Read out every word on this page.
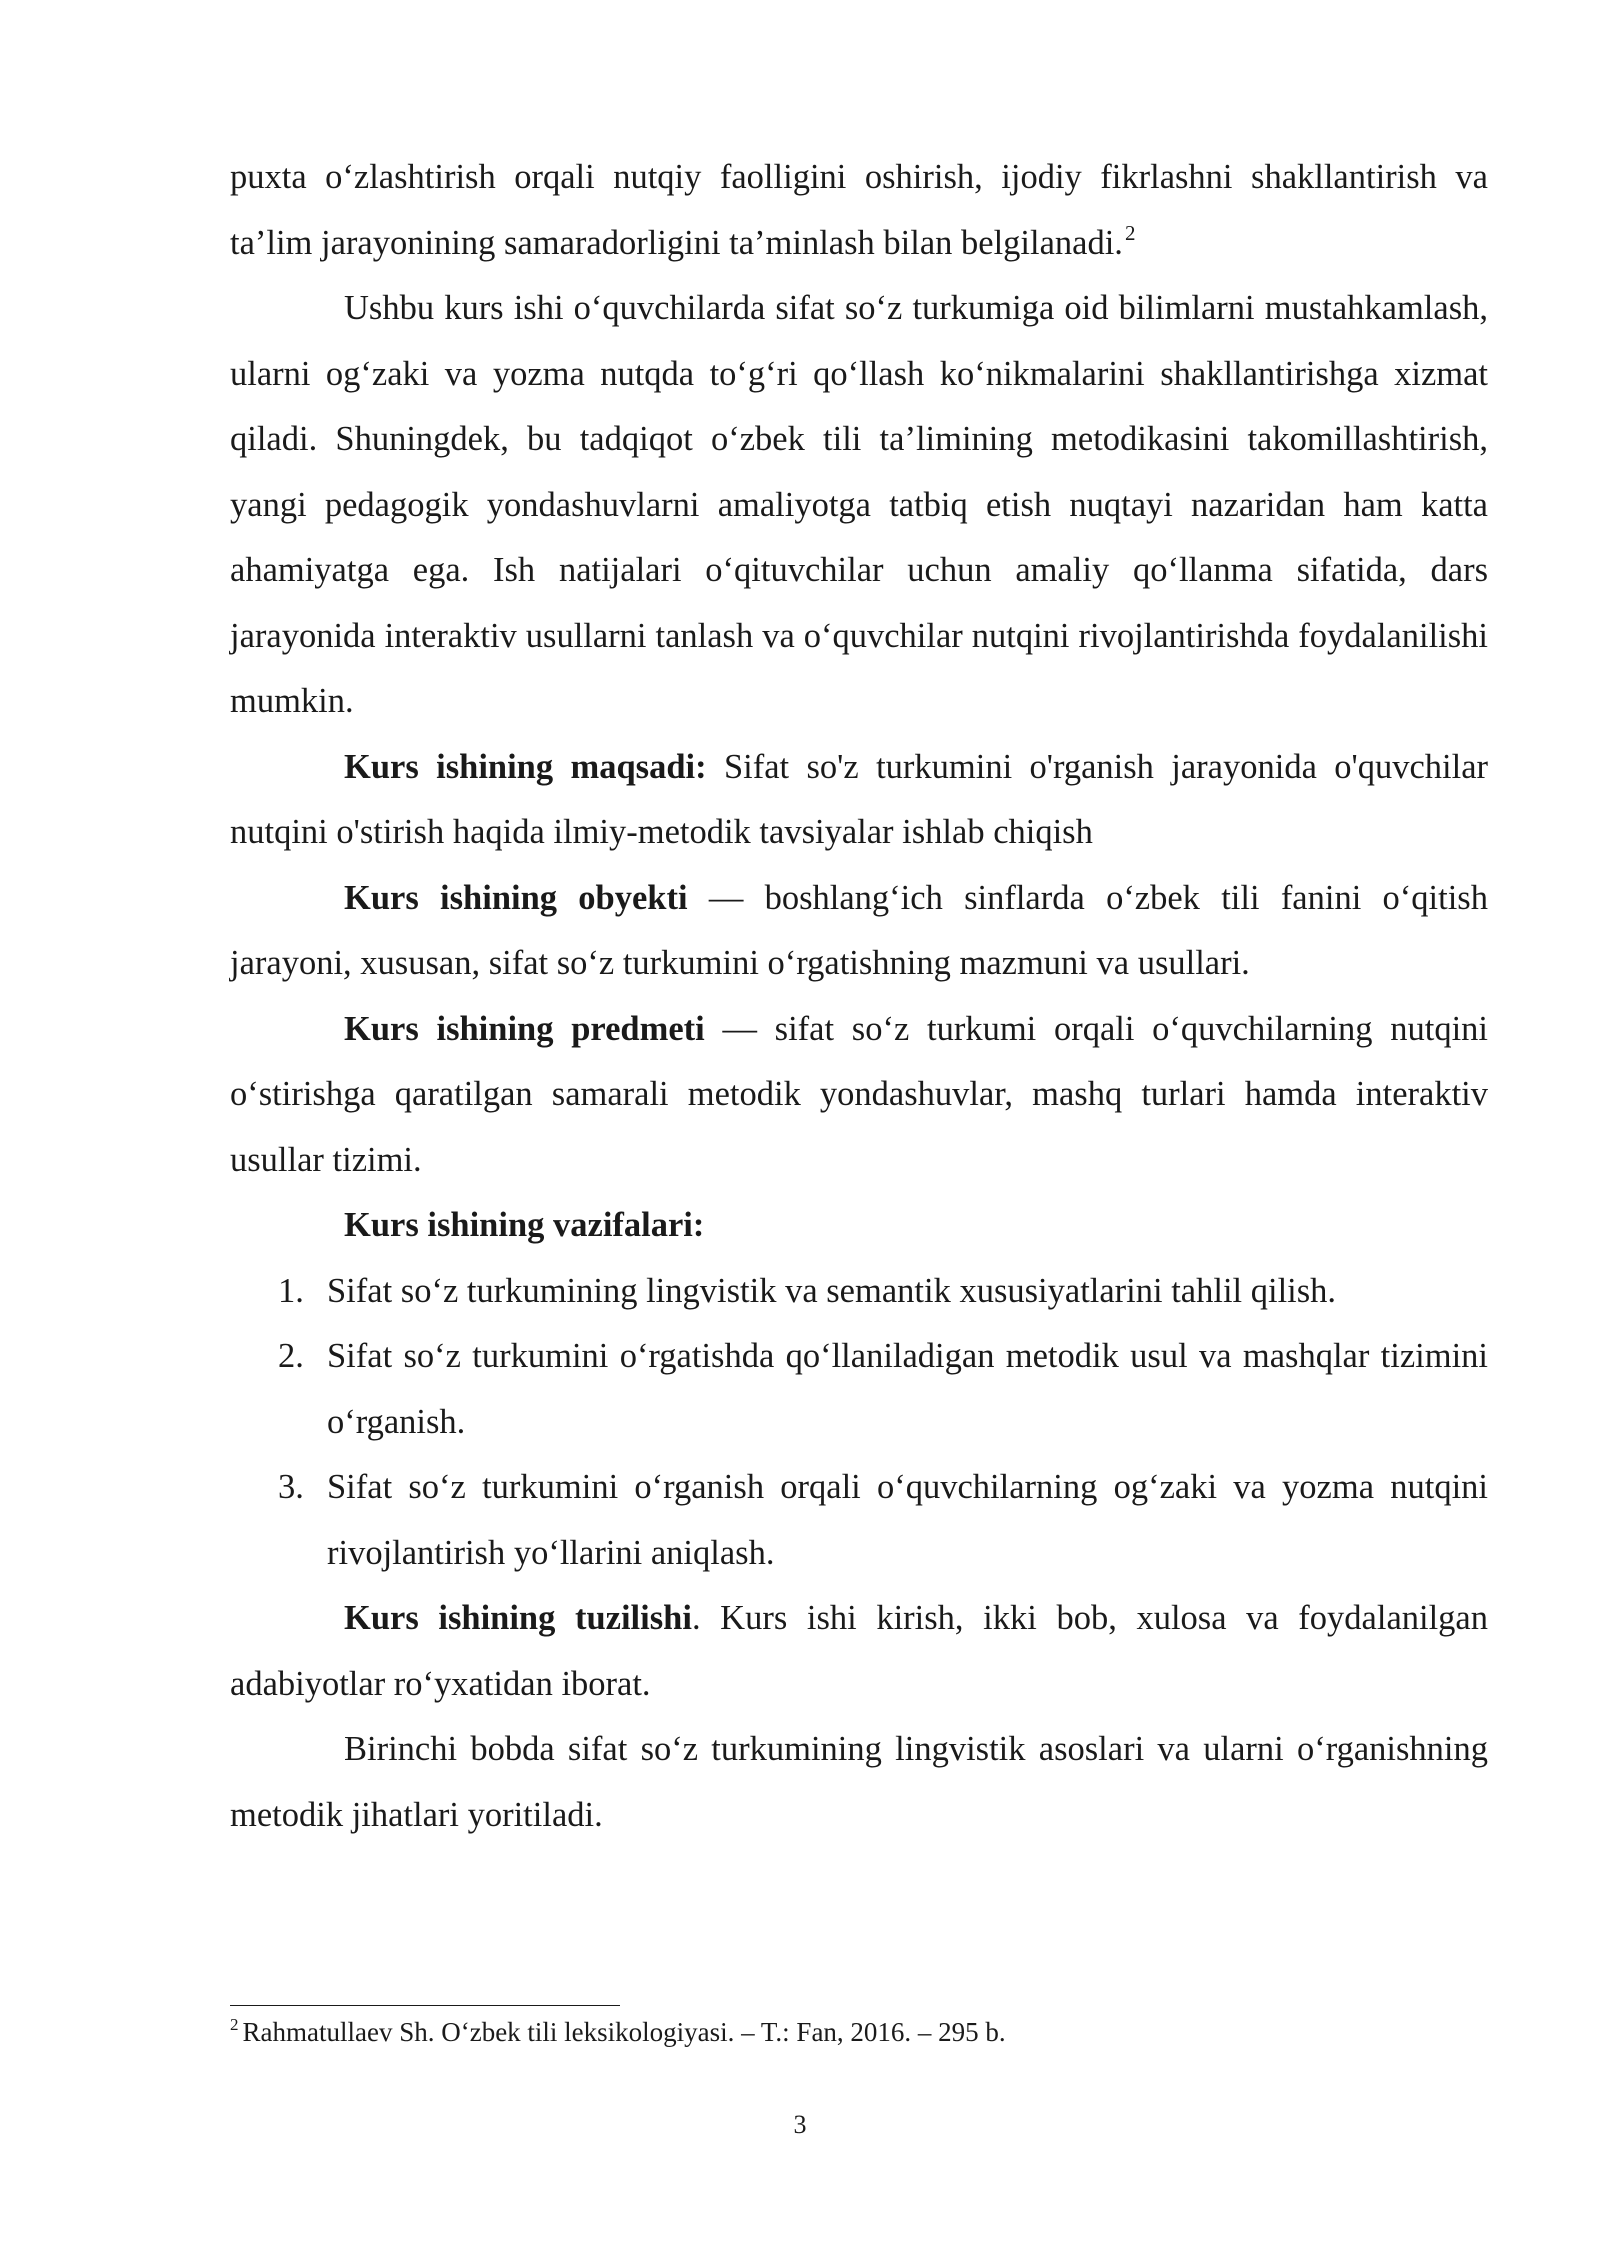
puxta o‘zlashtirish orqali nutqiy faolligini oshirish, ijodiy fikrlashni shakllantirish va ta’lim jarayonining samaradorligini ta’minlash bilan belgilanadi.$^2$

Ushbu kurs ishi o‘quvchilarda sifat so‘z turkumiga oid bilimlarni mustahkamlash, ularni og‘zaki va yozma nutqda to‘g‘ri qo‘llash ko‘nikmalarini shakllantirishga xizmat qiladi. Shuningdek, bu tadqiqot o‘zbek tili ta’limining metodikasini takomillashtirish, yangi pedagogik yondashuvlarni amaliyotga tatbiq etish nuqtayi nazaridan ham katta ahamiyatga ega. Ish natijalari o‘qituvchilar uchun amaliy qo‘llanma sifatida, dars jarayonida interaktiv usullarni tanlash va o‘quvchilar nutqini rivojlantirishda foydalanilishi mumkin.

Kurs ishining maqsadi: Sifat so'z turkumini o'rganish jarayonida o'quvchilar nutqini o'stirish haqida ilmiy-metodik tavsiyalar ishlab chiqish

Kurs ishining obyekti — boshlang‘ich sinflarda o‘zbek tili fanini o‘qitish jarayoni, xususan, sifat so‘z turkumini o‘rgatishning mazmuni va usullari.

Kurs ishining predmeti — sifat so‘z turkumi orqali o‘quvchilarning nutqini o‘stirishga qaratilgan samarali metodik yondashuvlar, mashq turlari hamda interaktiv usullar tizimi.

Kurs ishining vazifalari:

1. Sifat so‘z turkumining lingvistik va semantik xususiyatlarini tahlil qilish.
2. Sifat so‘z turkumini o‘rgatishda qo‘llaniladigan metodik usul va mashqlar tizimini o‘rganish.
3. Sifat so‘z turkumini o‘rganish orqali o‘quvchilarning og‘zaki va yozma nutqini rivojlantirish yo‘llarini aniqlash.

Kurs ishining tuzilishi. Kurs ishi kirish, ikki bob, xulosa va foydalanilgan adabiyotlar ro‘yxatidan iborat.

Birinchi bobda sifat so‘z turkumining lingvistik asoslari va ularni o‘rganishning metodik jihatlari yoritiladi.

$^2$ Rahmatullaev Sh. O‘zbek tili leksikologiyasi. – T.: Fan, 2016. – 295 b.
3
